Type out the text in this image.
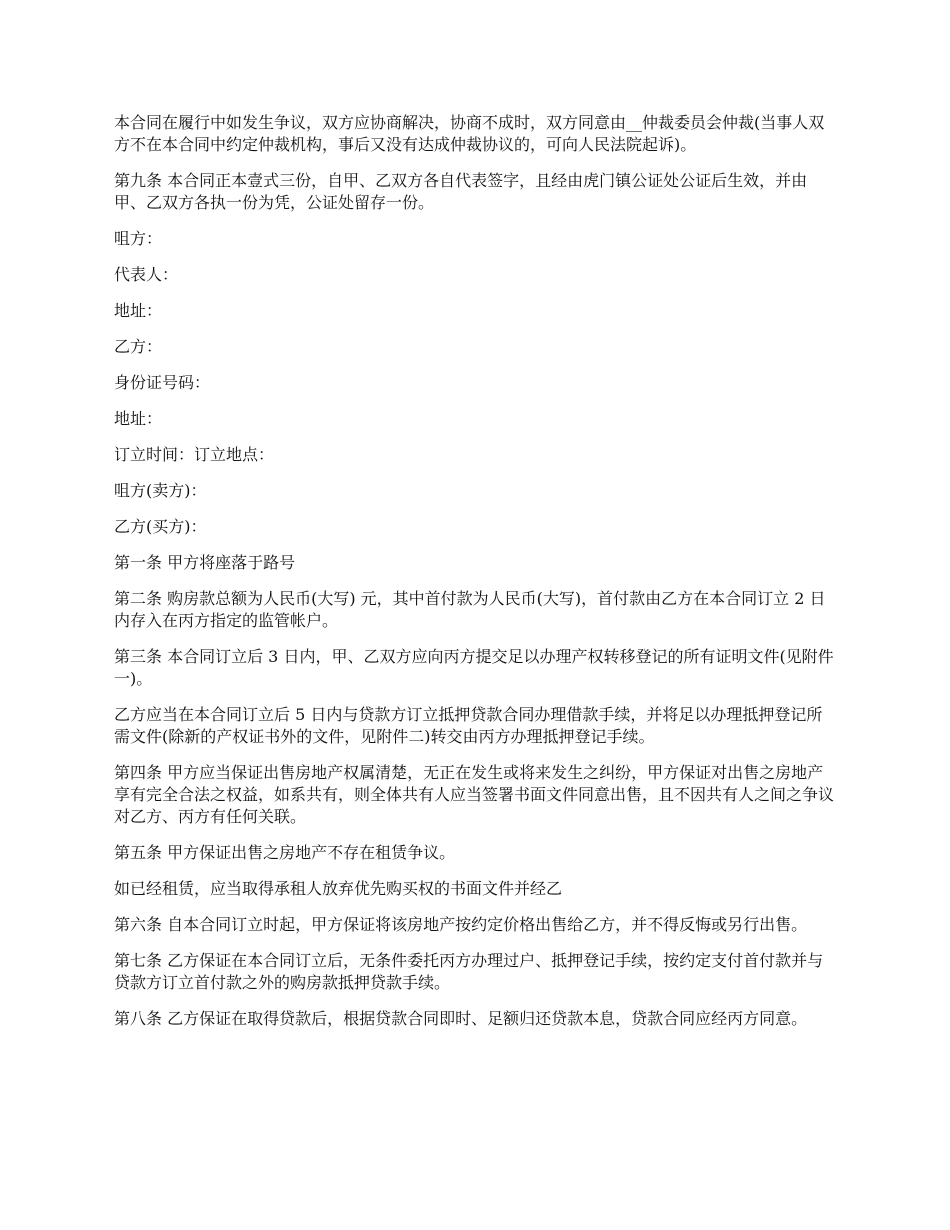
本合同在履行中如发生争议，双方应协商解决，协商不成时，双方同意由__仲裁委员会仲裁(当事人双方不在本合同中约定仲裁机构，事后又没有达成仲裁协议的，可向人民法院起诉)。

第九条 本合同正本壹式三份，自甲、乙双方各自代表签字，且经由虎门镇公证处公证后生效，并由甲、乙双方各执一份为凭，公证处留存一份。

咀方：

代表人：

地址：

乙方：

身份证号码：

地址：

订立时间：订立地点：

咀方(卖方)：

乙方(买方)：

第一条 甲方将座落于路号

第二条 购房款总额为人民币(大写) 元，其中首付款为人民币(大写)，首付款由乙方在本合同订立 2 日内存入在丙方指定的监管帐户。

第三条 本合同订立后 3 日内，甲、乙双方应向丙方提交足以办理产权转移登记的所有证明文件(见附件一)。

乙方应当在本合同订立后 5 日内与贷款方订立抵押贷款合同办理借款手续，并将足以办理抵押登记所需文件(除新的产权证书外的文件，见附件二)转交由丙方办理抵押登记手续。

第四条 甲方应当保证出售房地产权属清楚，无正在发生或将来发生之纠纷，甲方保证对出售之房地产享有完全合法之权益，如系共有，则全体共有人应当签署书面文件同意出售，且不因共有人之间之争议对乙方、丙方有任何关联。

第五条 甲方保证出售之房地产不存在租赁争议。

如已经租赁，应当取得承租人放弃优先购买权的书面文件并经乙

第六条 自本合同订立时起，甲方保证将该房地产按约定价格出售给乙方，并不得反悔或另行出售。

第七条 乙方保证在本合同订立后，无条件委托丙方办理过户、抵押登记手续，按约定支付首付款并与贷款方订立首付款之外的购房款抵押贷款手续。

第八条 乙方保证在取得贷款后，根据贷款合同即时、足额归还贷款本息，贷款合同应经丙方同意。
